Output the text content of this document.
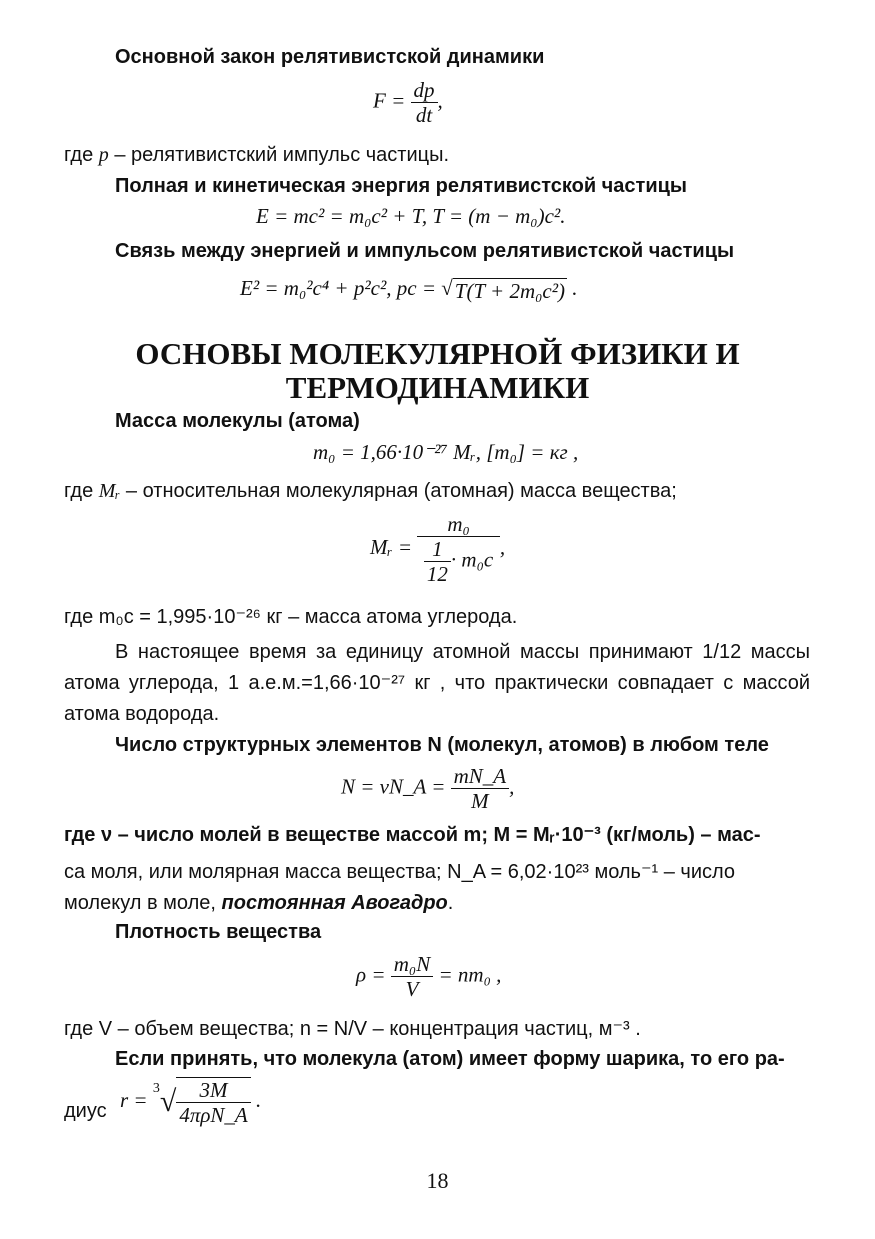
Основной закон релятивистской динамики
$F = \frac{dp}{dt}$ ,
где p – релятивистский импульс частицы.
Полная и кинетическая энергия релятивистской частицы
E = mc² = m₀c² + T, T = (m − m₀)c².
Связь между энергией и импульсом релятивистской частицы
E² = m₀²c⁴ + p²c², pc = √T(T + 2m₀c²) .
ОСНОВЫ МОЛЕКУЛЯРНОЙ ФИЗИКИ И
ТЕРМОДИНАМИКИ
Масса молекулы (атома)
m₀ = 1,66·10⁻²⁷ Mᵣ, [m₀] = кг ,
где Mᵣ – относительная молекулярная (атомная) масса вещества;
Mᵣ = $\frac{\text{m₀}}{\frac{1}{12} \cdot m_0c}$ ,
где m₀c = 1,995·10⁻²⁶ кг – масса атома углерода.
В настоящее время за единицу атомной массы принимают 1/12 массы атома углерода, 1 а.е.м.=1,66·10⁻²⁷ кг , что практически совпадает с массой атома водорода.
Число структурных элементов N (молекул, атомов) в любом теле
N = νN_A = $\frac{mN\_A}{M}$ ,
где ν – число молей в веществе массой m; M = Mᵣ·10⁻³ (кг/моль) – мас-
са моля, или молярная масса вещества; N_A = 6,02·10²³ моль⁻¹ – число
молекул в моле, постоянная Авогадро.
Плотность вещества
$\rho = \frac{\text{m₀N}}{V} = nm_0$ ,
где V – объем вещества; n = N/V – концентрация частиц, м⁻³ .
Если принять, что молекула (атом) имеет форму шарика, то его ра-
диус $r = ^3√ \frac{3M}{\text{4πρN\_A}}$ .
18
